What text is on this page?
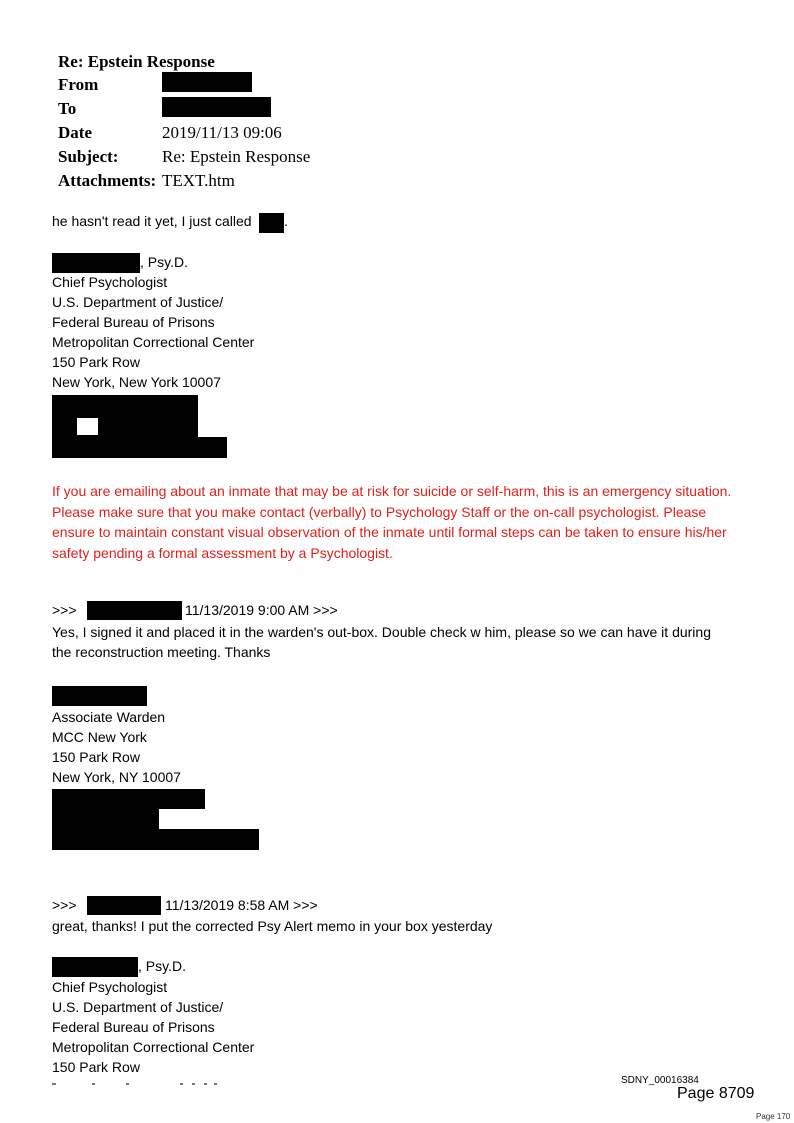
Re: Epstein Response
From
To
Date	2019/11/13 09:06
Subject:	Re: Epstein Response
Attachments: TEXT.htm
he hasn't read it yet, I just called .
, Psy.D.
Chief Psychologist
U.S. Department of Justice/
Federal Bureau of Prisons
Metropolitan Correctional Center
150 Park Row
New York, New York 10007
If you are emailing about an inmate that may be at risk for suicide or self-harm, this is an emergency situation. Please make sure that you make contact (verbally) to Psychology Staff or the on-call psychologist. Please ensure to maintain constant visual observation of the inmate until formal steps can be taken to ensure his/her safety pending a formal assessment by a Psychologist.
>>>	11/13/2019 9:00 AM >>>
Yes, I signed it and placed it in the warden's out-box. Double check w him, please so we can have it during
the reconstruction meeting. Thanks
Associate Warden
MCC New York
150 Park Row
New York, NY 10007
>>>	11/13/2019 8:58 AM >>>
great, thanks! I put the corrected Psy Alert memo in your box yesterday
, Psy.D.
Chief Psychologist
U.S. Department of Justice/
Federal Bureau of Prisons
Metropolitan Correctional Center
150 Park Row
SDNY_00016384
Page 8709
Page 170
